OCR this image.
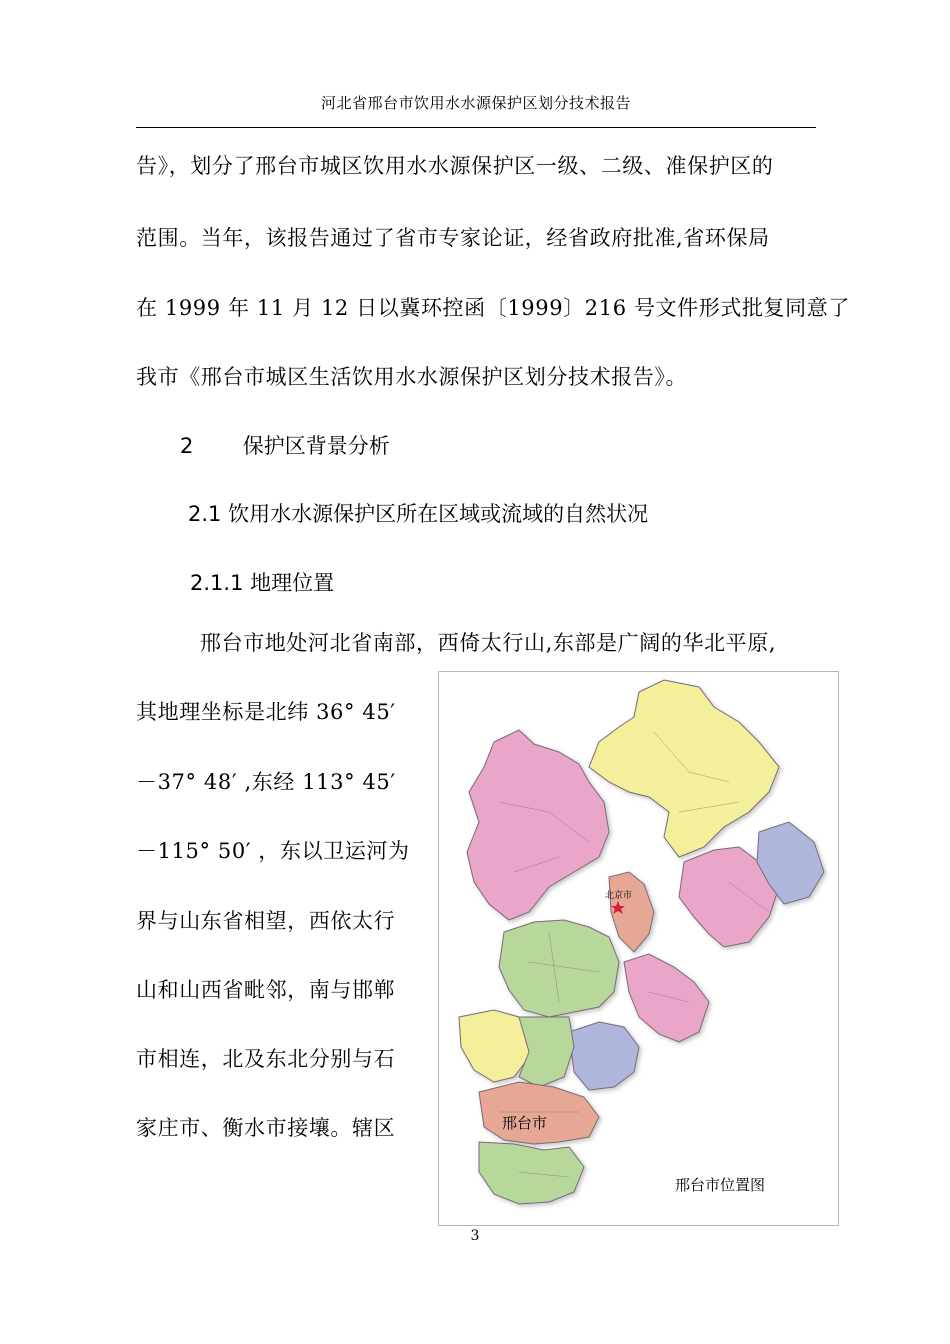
河北省邢台市饮用水水源保护区划分技术报告
告》，划分了邢台市城区饮用水水源保护区一级、二级、准保护区的
范围。当年，该报告通过了省市专家论证，经省政府批准,省环保局
在 1999 年 11 月 12 日以冀环控函〔1999〕216 号文件形式批复同意了
我市《邢台市城区生活饮用水水源保护区划分技术报告》。
2 保护区背景分析
2.1 饮用水水源保护区所在区域或流域的自然状况
2.1.1 地理位置
邢台市地处河北省南部，西倚太行山,东部是广阔的华北平原,
其地理坐标是北纬 36° 45′
－37° 48′ ,东经 113° 45′
－115° 50′ ，东以卫运河为
界与山东省相望，西依太行
山和山西省毗邻，南与邯郸
市相连，北及东北分别与石
家庄市、衡水市接壤。辖区
北京市
邢台市
邢台市位置图
3
